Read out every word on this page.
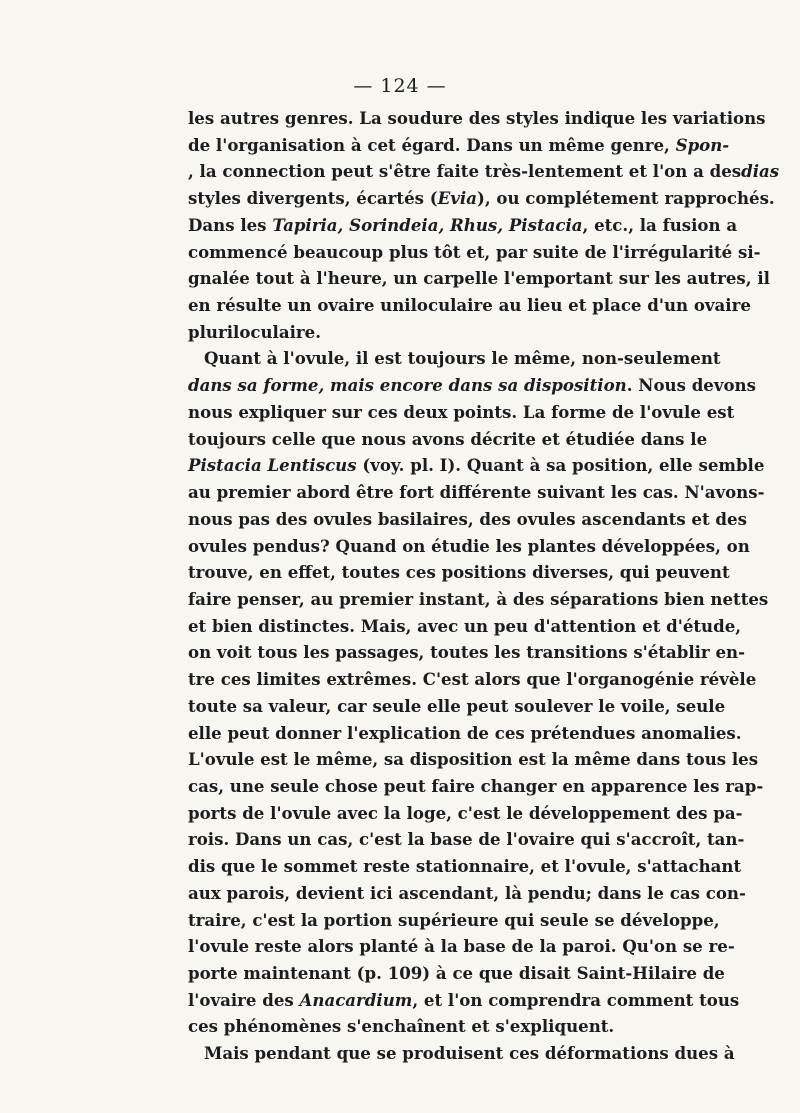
— 124 —
les autres genres. La soudure des styles indique les variations
de l'organisation à cet égard. Dans un même genre, Spon-
, la connection peut s'être faite très-lentement et l'on a desdias
styles divergents, écartés (Evia), ou complétement rapprochés.
Dans les Tapiria, Sorindeia, Rhus, Pistacia, etc., la fusion a
commencé beaucoup plus tôt et, par suite de l'irrégularité si-
gnalée tout à l'heure, un carpelle l'emportant sur les autres, il
en résulte un ovaire uniloculaire au lieu et place d'un ovaire
pluriloculaire.
Quant à l'ovule, il est toujours le même, non-seulement
dans sa forme, mais encore dans sa disposition. Nous devons
nous expliquer sur ces deux points. La forme de l'ovule est
toujours celle que nous avons décrite et étudiée dans le
Pistacia Lentiscus (voy. pl. I). Quant à sa position, elle semble
au premier abord être fort différente suivant les cas. N'avons-
nous pas des ovules basilaires, des ovules ascendants et des
ovules pendus? Quand on étudie les plantes développées, on
trouve, en effet, toutes ces positions diverses, qui peuvent
faire penser, au premier instant, à des séparations bien nettes
et bien distinctes. Mais, avec un peu d'attention et d'étude,
on voit tous les passages, toutes les transitions s'établir en-
tre ces limites extrêmes. C'est alors que l'organogénie révèle
toute sa valeur, car seule elle peut soulever le voile, seule
elle peut donner l'explication de ces prétendues anomalies.
L'ovule est le même, sa disposition est la même dans tous les
cas, une seule chose peut faire changer en apparence les rap-
ports de l'ovule avec la loge, c'est le développement des pa-
rois. Dans un cas, c'est la base de l'ovaire qui s'accroît, tan-
dis que le sommet reste stationnaire, et l'ovule, s'attachant
aux parois, devient ici ascendant, là pendu; dans le cas con-
traire, c'est la portion supérieure qui seule se développe,
l'ovule reste alors planté à la base de la paroi. Qu'on se re-
porte maintenant (p. 109) à ce que disait Saint-Hilaire de
l'ovaire des Anacardium, et l'on comprendra comment tous
ces phénomènes s'enchaînent et s'expliquent.
Mais pendant que se produisent ces déformations dues à
